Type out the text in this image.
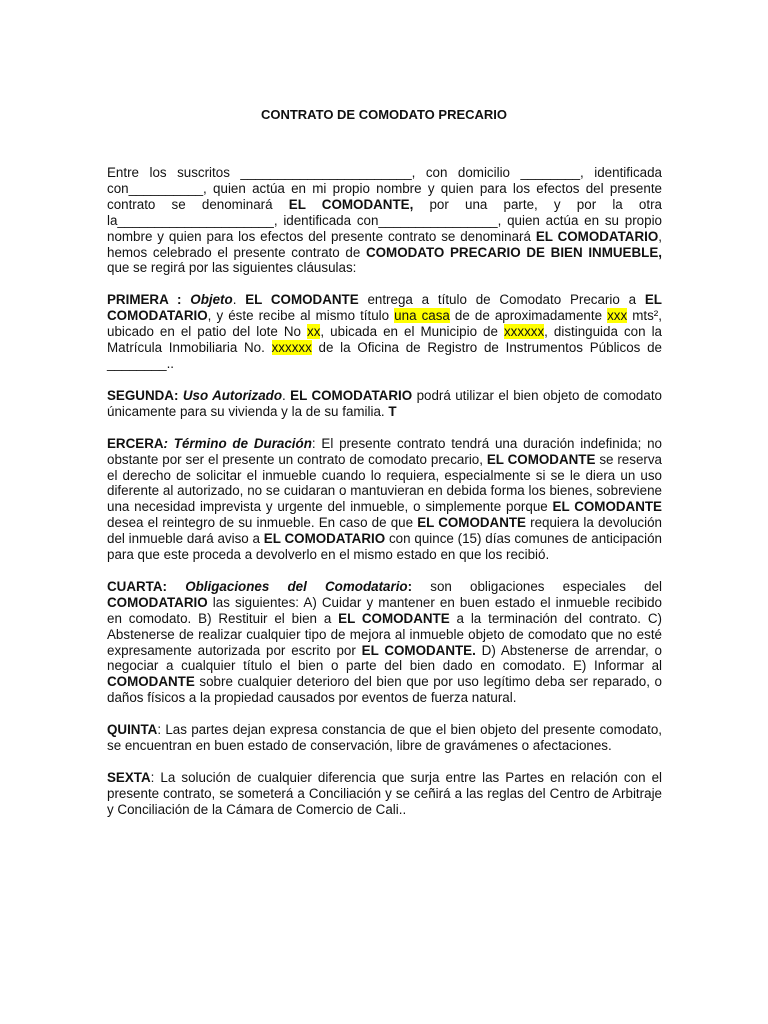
CONTRATO DE COMODATO PRECARIO

Entre los suscritos _______________________, con domicilio ________, identificada con__________, quien actúa en mi propio nombre y quien para los efectos del presente contrato se denominará EL COMODANTE, por una parte, y por la otra la_____________________, identificada con________________, quien actúa en su propio nombre y quien para los efectos del presente contrato se denominará EL COMODATARIO, hemos celebrado el presente contrato de COMODATO PRECARIO DE BIEN INMUEBLE, que se regirá por las siguientes cláusulas:

PRIMERA : Objeto. EL COMODANTE entrega a título de Comodato Precario a EL COMODATARIO, y éste recibe al mismo título una casa de de aproximadamente xxx mts², ubicado en el patio del lote No xx, ubicada en el Municipio de xxxxxx, distinguida con la Matrícula Inmobiliaria No. xxxxxx de la Oficina de Registro de Instrumentos Públicos de ________..

SEGUNDA: Uso Autorizado. EL COMODATARIO podrá utilizar el bien objeto de comodato únicamente para su vivienda y la de su familia. T

ERCERA: Término de Duración: El presente contrato tendrá una duración indefinida; no obstante por ser el presente un contrato de comodato precario, EL COMODANTE se reserva el derecho de solicitar el inmueble cuando lo requiera, especialmente si se le diera un uso diferente al autorizado, no se cuidaran o mantuvieran en debida forma los bienes, sobreviene una necesidad imprevista y urgente del inmueble, o simplemente porque EL COMODANTE desea el reintegro de su inmueble. En caso de que EL COMODANTE requiera la devolución del inmueble dará aviso a EL COMODATARIO con quince (15) días comunes de anticipación para que este proceda a devolverlo en el mismo estado en que los recibió.

CUARTA: Obligaciones del Comodatario: son obligaciones especiales del COMODATARIO las siguientes: A) Cuidar y mantener en buen estado el inmueble recibido en comodato. B) Restituir el bien a EL COMODANTE a la terminación del contrato. C) Abstenerse de realizar cualquier tipo de mejora al inmueble objeto de comodato que no esté expresamente autorizada por escrito por EL COMODANTE. D) Abstenerse de arrendar, o negociar a cualquier título el bien o parte del bien dado en comodato. E) Informar al COMODANTE sobre cualquier deterioro del bien que por uso legítimo deba ser reparado, o daños físicos a la propiedad causados por eventos de fuerza natural.

QUINTA: Las partes dejan expresa constancia de que el bien objeto del presente comodato, se encuentran en buen estado de conservación, libre de gravámenes o afectaciones.

SEXTA: La solución de cualquier diferencia que surja entre las Partes en relación con el presente contrato, se someterá a Conciliación y se ceñirá a las reglas del Centro de Arbitraje y Conciliación de la Cámara de Comercio de Cali..
